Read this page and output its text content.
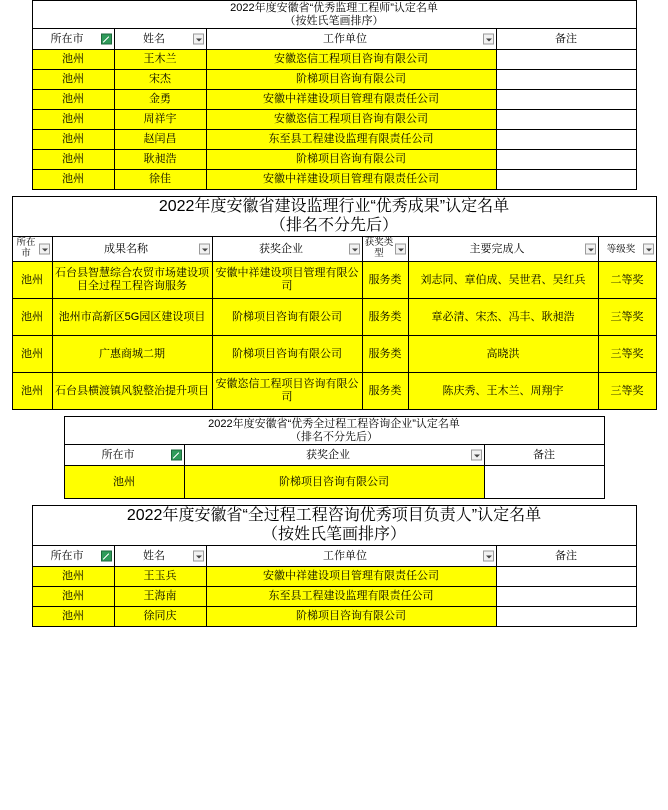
2022年度安徽省“优秀监理工程师”认定名单
（按姓氏笔画排序）			

所在市	姓名	工作单位	备注
池州	王木兰	安徽恣信工程项目咨询有限公司	
池州	宋杰	阶梯项目咨询有限公司	
池州	金勇	安徽中祥建设项目管理有限责任公司	
池州	周祥宇	安徽恣信工程项目咨询有限公司	
池州	赵闰昌	东至县工程建设监理有限责任公司	
池州	耿昶浩	阶梯项目咨询有限公司	
池州	徐佳	安徽中祥建设项目管理有限责任公司	
2022年度安徽省建设监理行业“优秀成果”认定名单
（排名不分先后）					

所在市	成果名称	获奖企业	获奖类型	主要完成人	等级奖

池州	石台县智慧综合农贸市场建设项目全过程工程咨询服务	安徽中祥建设项目管理有限公司	服务类	刘志同、章伯成、吴世君、吴红兵	二等奖
池州	池州市高新区5G园区建设项目	阶梯项目咨询有限公司	服务类	章必清、宋杰、冯丰、耿昶浩	三等奖
池州	广惠商城二期	阶梯项目咨询有限公司	服务类	高晓洪	三等奖
池州	石台县横渡镇风貌整治提升项目	安徽恣信工程项目咨询有限公司	服务类	陈庆秀、王木兰、周翔宇	三等奖
2022年度安徽省“优秀全过程工程咨询企业”认定名单
（排名不分先后）		

所在市	获奖企业	备注
池州	阶梯项目咨询有限公司	
2022年度安徽省“全过程工程咨询优秀项目负责人”认定名单
（按姓氏笔画排序）			

所在市	姓名	工作单位	备注
池州	王玉兵	安徽中祥建设项目管理有限责任公司	
池州	王海南	东至县工程建设监理有限责任公司	
池州	徐同庆	阶梯项目咨询有限公司	
